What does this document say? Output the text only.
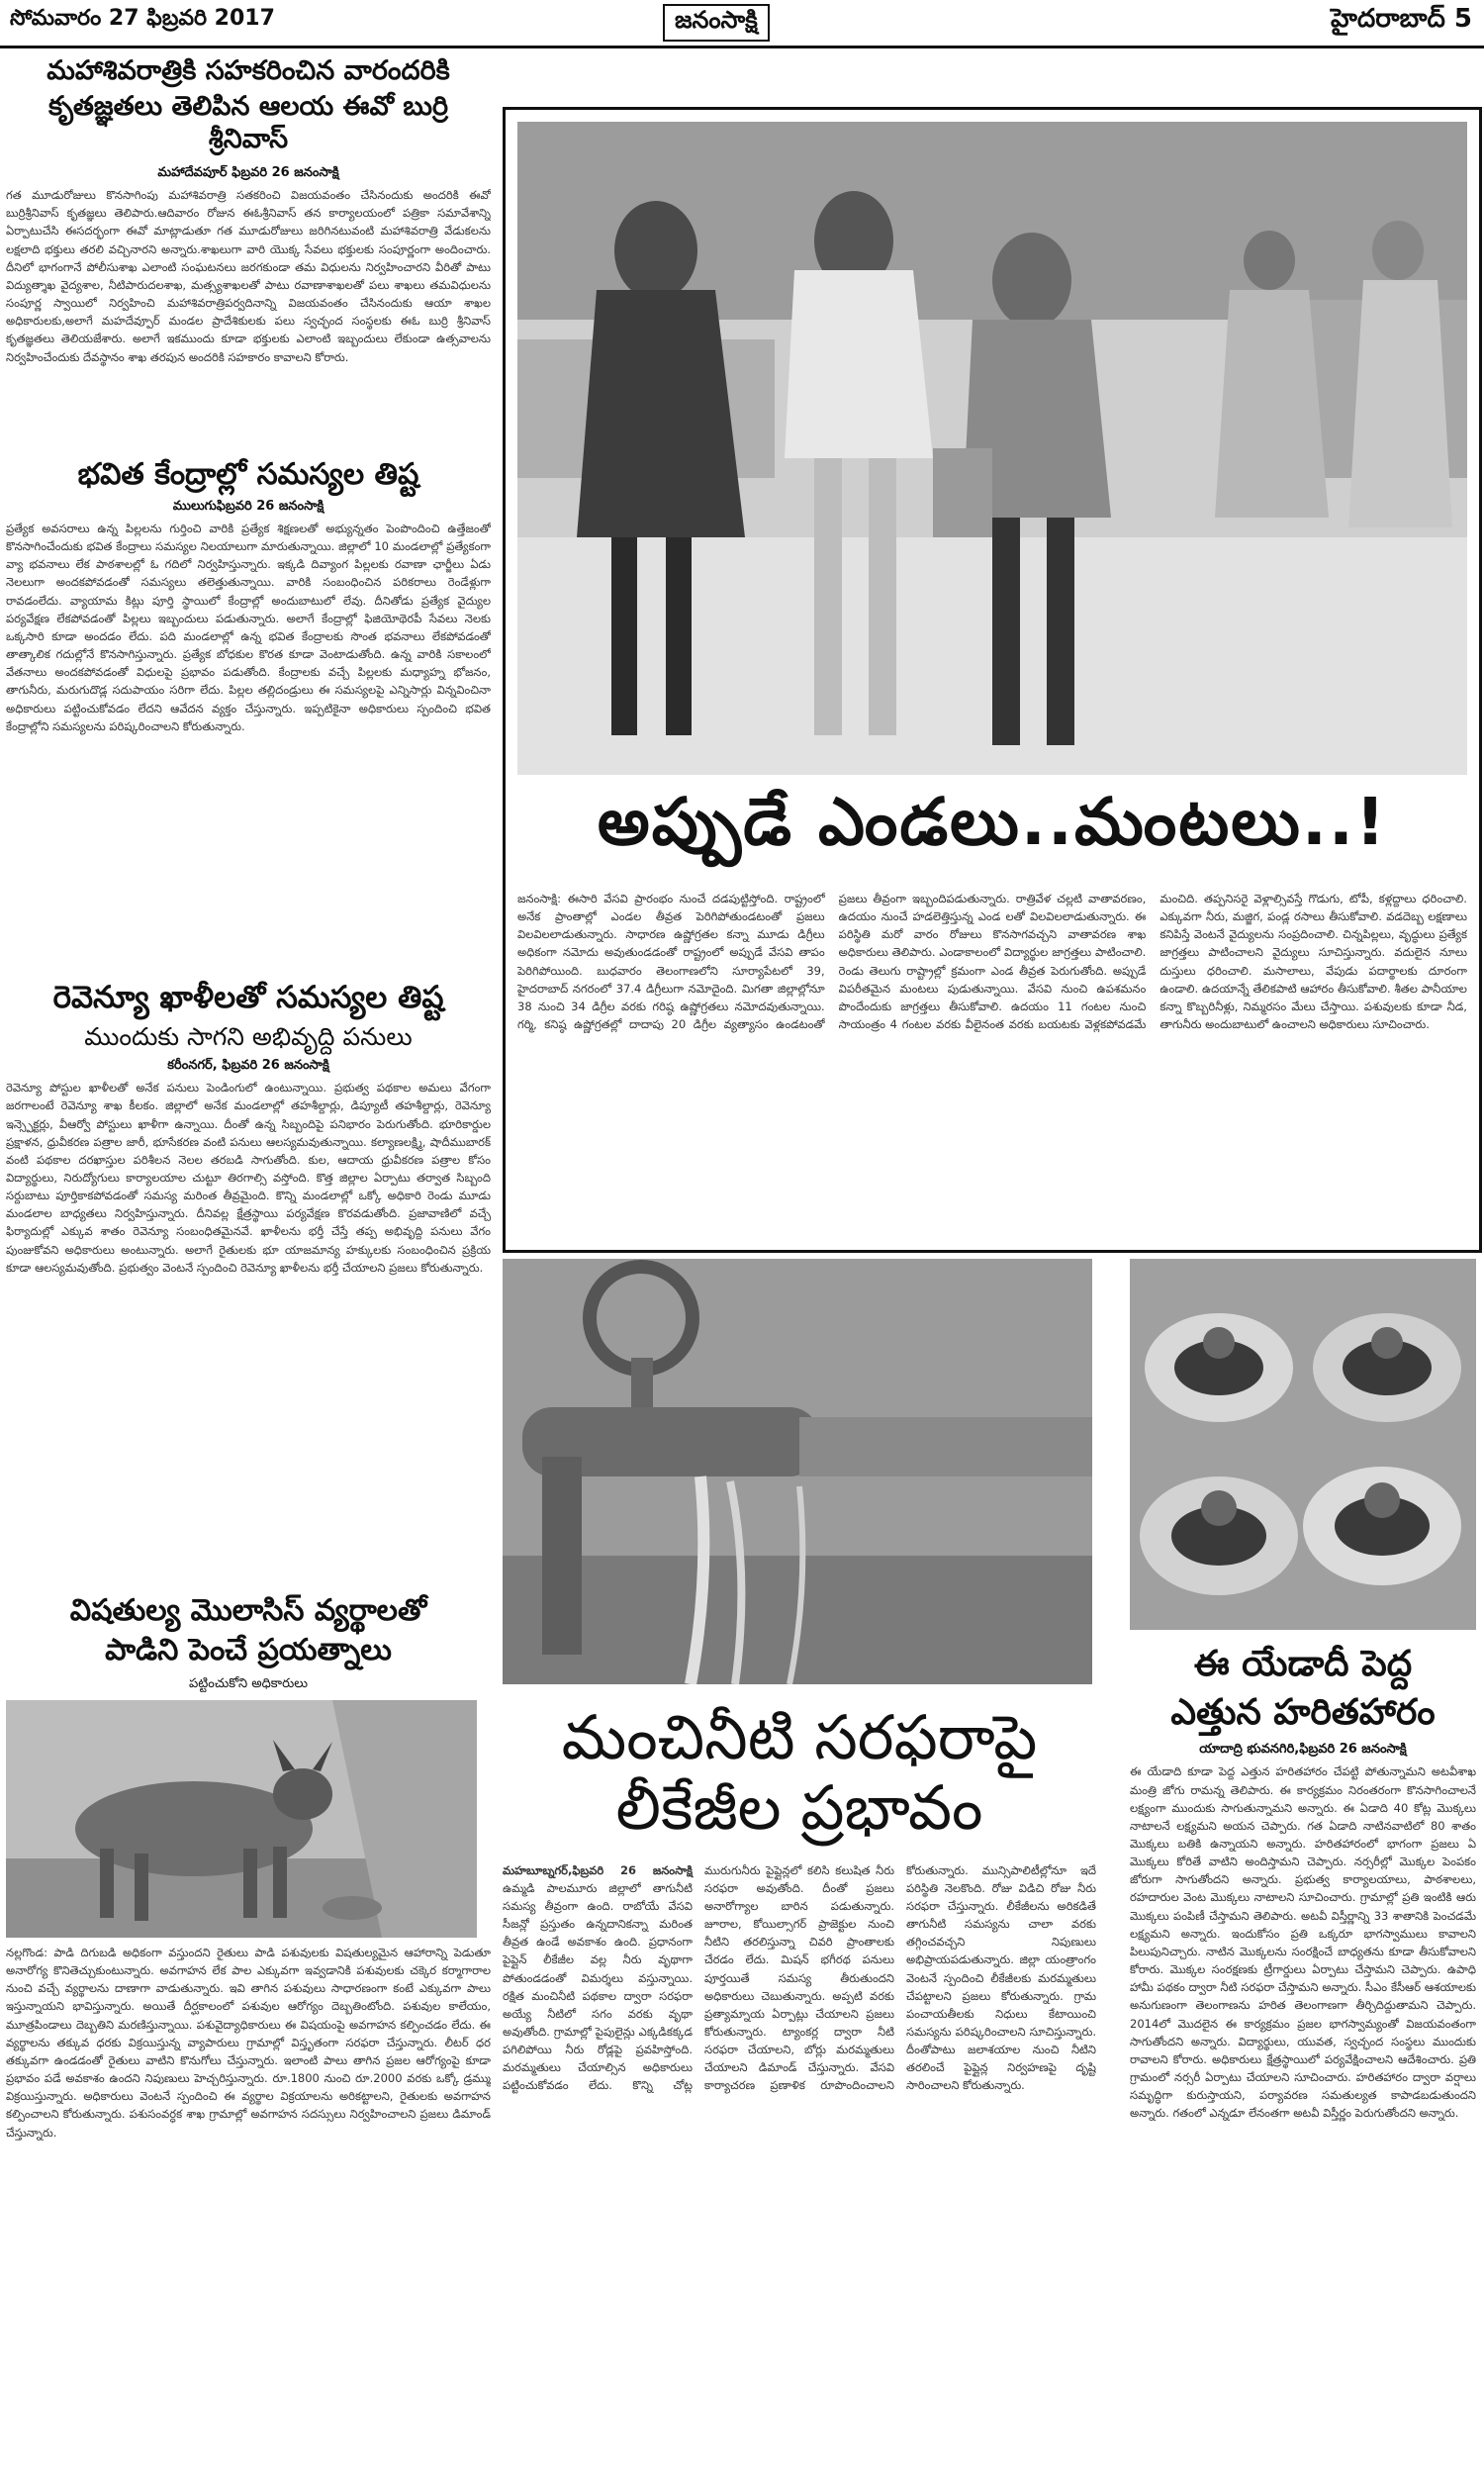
సోమవారం 27 ఫిబ్రవరి 2017	జనంసాక్షి	హైదరాబాద్ 5
మహాశివరాత్రికి సహకరించిన వారందరికి
కృతజ్ఞతలు తెలిపిన ఆలయ ఈవో బుర్రి శ్రీనివాస్
మహాదేవపూర్ ఫిబ్రవరి 26 జనంసాక్షి
గత మూడురోజులు కొనసాగింపు మహాశివరాత్రి సతకరించి విజయవంతం చేసినందుకు అందరికి ఈవో బుర్రిశ్రీనివాస్ కృతజ్ఞలు తెలిపారు.ఆదివారం రోజున ఈఓశ్రీనివాస్ తన కార్యాలయంలో పత్రికా సమావేశాన్ని ఏర్పాటుచేసి ఈసదర్భంగా ఈవో మాట్లాడుతూ గత మూడురోజులు జరిగినటువంటి మహాశివరాత్రి వేడుకలను లక్షలాది భక్తులు తరలి వచ్చినారని అన్నారు.శాఖలుగా వారి యొక్క సేవలు భక్తులకు సంపూర్ణంగా అందించారు. దీనిలో భాగంగానే పోలీసుశాఖ ఎలాంటి సంఘటనలు జరగకుండా తమ విధులను నిర్వహించారని వీరితో పాటు విద్యుత్శాఖ వైద్యశాల, నీటిపారుదలశాఖ, మత్స్యశాఖలతో పాటు రవాణాశాఖలతో పలు శాఖలు తమవిధులను సంపూర్ణ స్వాయిలో నిర్వహించి మహాశివరాత్రిపర్వదినాన్ని విజయవంతం చేసినందుకు ఆయా శాఖల అధికారులకు,అలాగే మహదేవ్పూర్ మండల ప్రాదేశికులకు పలు స్వచ్ఛంద సంస్థలకు ఈఓ బుర్రి శ్రీనివాస్ కృతజ్ఞతలు తెలియజేశారు. అలాగే ఇకముందు కూడా భక్తులకు ఎలాంటి ఇబ్బందులు లేకుండా ఉత్సవాలను నిర్వహించేందుకు దేవస్థానం శాఖ తరపున అందరికి సహకారం కావాలని కోరారు.
భవిత కేంద్రాల్లో సమస్యల తిష్ట
ములుగుఫిబ్రవరి 26 జనంసాక్షి
ప్రత్యేక అవసరాలు ఉన్న పిల్లలను గుర్తించి వారికి ప్రత్యేక శిక్షణలతో అభ్యున్నతం పెంపొందించి ఉత్తేజంతో కొనసాగించేందుకు భవిత కేంద్రాలు సమస్యల నిలయాలుగా మారుతున్నాయి. జిల్లాలో 10 మండలాల్లో ప్రత్యేకంగా వ్యా భవనాలు లేక పాఠశాలల్లో ఓ గదిలో నిర్వహిస్తున్నారు. ఇక్కడి దివ్యాంగ పిల్లలకు రవాణా ఛార్జీలు ఏడు నెలలుగా అందకపోవడంతో సమస్యలు తలెత్తుతున్నాయి. వారికి సంబంధించిన పరికరాలు రెండేళ్లుగా రావడంలేదు. వ్యాయామ కిట్లు పూర్తి స్థాయిలో కేంద్రాల్లో అందుబాటులో లేవు. దీనితోడు ప్రత్యేక వైద్యుల పర్యవేక్షణ లేకపోవడంతో పిల్లలు ఇబ్బందులు పడుతున్నారు. అలాగే కేంద్రాల్లో ఫిజియోథెరపీ సేవలు నెలకు ఒక్కసారి కూడా అందడం లేదు. పది మండలాల్లో ఉన్న భవిత కేంద్రాలకు సొంత భవనాలు లేకపోవడంతో తాత్కాలిక గదుల్లోనే కొనసాగిస్తున్నారు. ప్రత్యేక బోధకుల కొరత కూడా వెంటాడుతోంది. ఉన్న వారికి సకాలంలో వేతనాలు అందకపోవడంతో విధులపై ప్రభావం పడుతోంది. కేంద్రాలకు వచ్చే పిల్లలకు మధ్యాహ్న భోజనం, తాగునీరు, మరుగుదొడ్ల సదుపాయం సరిగా లేదు. పిల్లల తల్లిదండ్రులు ఈ సమస్యలపై ఎన్నిసార్లు విన్నవించినా అధికారులు పట్టించుకోవడం లేదని ఆవేదన వ్యక్తం చేస్తున్నారు. ఇప్పటికైనా అధికారులు స్పందించి భవిత కేంద్రాల్లోని సమస్యలను పరిష్కరించాలని కోరుతున్నారు.
రెవెన్యూ ఖాళీలతో సమస్యల తిష్ట
ముందుకు సాగని అభివృద్ది పనులు
కరీంనగర్, ఫిబ్రవరి 26 జనంసాక్షి
రెవెన్యూ పోస్టుల ఖాళీలతో అనేక పనులు పెండింగులో ఉంటున్నాయి. ప్రభుత్వ పథకాల అమలు వేగంగా జరగాలంటే రెవెన్యూ శాఖ కీలకం. జిల్లాలో అనేక మండలాల్లో తహశీల్దార్లు, డిప్యూటీ తహశీల్దార్లు, రెవెన్యూ ఇన్స్పెక్టర్లు, వీఆర్వో పోస్టులు ఖాళీగా ఉన్నాయి. దీంతో ఉన్న సిబ్బందిపై పనిభారం పెరుగుతోంది. భూరికార్డుల ప్రక్షాళన, ధ్రువీకరణ పత్రాల జారీ, భూసేకరణ వంటి పనులు ఆలస్యమవుతున్నాయి. కల్యాణలక్ష్మి, షాదీముబారక్ వంటి పథకాల దరఖాస్తుల పరిశీలన నెలల తరబడి సాగుతోంది. కుల, ఆదాయ ధ్రువీకరణ పత్రాల కోసం విద్యార్థులు, నిరుద్యోగులు కార్యాలయాల చుట్టూ తిరగాల్సి వస్తోంది. కొత్త జిల్లాల ఏర్పాటు తర్వాత సిబ్బంది సర్దుబాటు పూర్తికాకపోవడంతో సమస్య మరింత తీవ్రమైంది. కొన్ని మండలాల్లో ఒక్కో అధికారి రెండు మూడు మండలాల బాధ్యతలు నిర్వహిస్తున్నారు. దీనివల్ల క్షేత్రస్థాయి పర్యవేక్షణ కొరవడుతోంది. ప్రజావాణిలో వచ్చే ఫిర్యాదుల్లో ఎక్కువ శాతం రెవెన్యూ సంబంధితమైనవే. ఖాళీలను భర్తీ చేస్తే తప్ప అభివృద్ది పనులు వేగం పుంజుకోవని అధికారులు అంటున్నారు. అలాగే రైతులకు భూ యాజమాన్య హక్కులకు సంబంధించిన ప్రక్రియ కూడా ఆలస్యమవుతోంది. ప్రభుత్వం వెంటనే స్పందించి రెవెన్యూ ఖాళీలను భర్తీ చేయాలని ప్రజలు కోరుతున్నారు.
విషతుల్య మొలాసిస్ వ్యర్థాలతో
పాడిని పెంచే ప్రయత్నాలు
పట్టించుకోని అధికారులు
నల్లగొండ: పాడి దిగుబడి అధికంగా వస్తుందని రైతులు పాడి పశువులకు విషతుల్యమైన ఆహారాన్ని పెడుతూ అనారోగ్య కొనితెచ్చుకుంటున్నారు. అవగాహన లేక పాల ఎక్కువగా ఇవ్వడానికి పశువులకు చక్కెర కర్మాగారాల నుంచి వచ్చే వ్యర్థాలను దాణాగా వాడుతున్నారు. ఇవి తాగిన పశువులు సాధారణంగా కంటే ఎక్కువగా పాలు ఇస్తున్నాయని భావిస్తున్నారు. అయితే దీర్ఘకాలంలో పశువుల ఆరోగ్యం దెబ్బతింటోంది. పశువుల కాలేయం, మూత్రపిండాలు దెబ్బతిని మరణిస్తున్నాయి. పశువైద్యాధికారులు ఈ విషయంపై అవగాహన కల్పించడం లేదు. ఈ వ్యర్థాలను తక్కువ ధరకు విక్రయిస్తున్న వ్యాపారులు గ్రామాల్లో విస్తృతంగా సరఫరా చేస్తున్నారు. లీటర్ ధర తక్కువగా ఉండడంతో రైతులు వాటిని కొనుగోలు చేస్తున్నారు. ఇలాంటి పాలు తాగిన ప్రజల ఆరోగ్యంపై కూడా ప్రభావం పడే అవకాశం ఉందని నిపుణులు హెచ్చరిస్తున్నారు. రూ.1800 నుంచి రూ.2000 వరకు ఒక్కో డ్రమ్ము విక్రయిస్తున్నారు. అధికారులు వెంటనే స్పందించి ఈ వ్యర్థాల విక్రయాలను అరికట్టాలని, రైతులకు అవగాహన కల్పించాలని కోరుతున్నారు. పశుసంవర్ధక శాఖ గ్రామాల్లో అవగాహన సదస్సులు నిర్వహించాలని ప్రజలు డిమాండ్ చేస్తున్నారు.
అప్పుడే ఎండలు..మంటలు..!
జనంసాక్షి: ఈసారి వేసవి ప్రారంభం నుంచే దడపుట్టిస్తోంది. రాష్ట్రంలో అనేక ప్రాంతాల్లో ఎండల తీవ్రత పెరిగిపోతుండటంతో ప్రజలు విలవిలలాడుతున్నారు. సాధారణ ఉష్ణోగ్రతల కన్నా మూడు డిగ్రీలు అధికంగా నమోదు అవుతుండడంతో రాష్ట్రంలో అప్పుడే వేసవి తాపం పెరిగిపోయింది. బుధవారం తెలంగాణలోని సూర్యాపేటలో 39, హైదరాబాద్ నగరంలో 37.4 డిగ్రీలుగా నమోదైంది. మిగతా జిల్లాల్లోనూ 38 నుంచి 34 డిగ్రీల వరకు గరిష్ఠ ఉష్ణోగ్రతలు నమోదవుతున్నాయి. గర్మి, కనిష్ఠ ఉష్ణోగ్రతల్లో దాదాపు 20 డిగ్రీల వ్యత్యాసం ఉండటంతో ప్రజలు తీవ్రంగా ఇబ్బందిపడుతున్నారు. రాత్రివేళ చల్లటి వాతావరణం, ఉదయం నుంచే హడలెత్తిస్తున్న ఎండ లతో విలవిలలాడుతున్నారు. ఈ పరిస్థితి మరో వారం రోజులు కొనసాగవచ్చని వాతావరణ శాఖ అధికారులు తెలిపారు. ఎండాకాలంలో విద్యార్థుల జాగ్రత్తలు పాటించాలి. రెండు తెలుగు రాష్ట్రాల్లో క్రమంగా ఎండ తీవ్రత పెరుగుతోంది. అప్పుడే విపరీతమైన మంటలు పుడుతున్నాయి. వేసవి నుంచి ఉపశమనం పొందేందుకు జాగ్రత్తలు తీసుకోవాలి. ఉదయం 11 గంటల నుంచి సాయంత్రం 4 గంటల వరకు వీలైనంత వరకు బయటకు వెళ్లకపోవడమే మంచిది. తప్పనిసరై వెళ్లాల్సివస్తే గొడుగు, టోపీ, కళ్లద్దాలు ధరించాలి. ఎక్కువగా నీరు, మజ్జిగ, పండ్ల రసాలు తీసుకోవాలి. వడదెబ్బ లక్షణాలు కనిపిస్తే వెంటనే వైద్యులను సంప్రదించాలి. చిన్నపిల్లలు, వృద్ధులు ప్రత్యేక జాగ్రత్తలు పాటించాలని వైద్యులు సూచిస్తున్నారు. వదులైన నూలు దుస్తులు ధరించాలి. మసాలాలు, వేపుడు పదార్థాలకు దూరంగా ఉండాలి. ఉదయాన్నే తేలికపాటి ఆహారం తీసుకోవాలి. శీతల పానీయాల కన్నా కొబ్బరినీళ్లు, నిమ్మరసం మేలు చేస్తాయి. పశువులకు కూడా నీడ, తాగునీరు అందుబాటులో ఉంచాలని అధికారులు సూచించారు.
మంచినీటి సరఫరాపై
లీకేజీల ప్రభావం
మహబూబ్నగర్,ఫిబ్రవరి 26 జనంసాక్షి ఉమ్మడి పాలమూరు జిల్లాలో తాగునీటి సమస్య తీవ్రంగా ఉంది. రాబోయే వేసవి సీజన్లో ప్రస్తుతం ఉన్నదానికన్నా మరింత తీవ్రత ఉండే అవకాశం ఉంది. ప్రధానంగా పైప్లైన్ లీకేజీల వల్ల నీరు వృథాగా పోతుండడంతో విమర్శలు వస్తున్నాయి. రక్షిత మంచినీటి పథకాల ద్వారా సరఫరా అయ్యే నీటిలో సగం వరకు వృథా అవుతోంది. గ్రామాల్లో పైపులైన్లు ఎక్కడికక్కడ పగిలిపోయి నీరు రోడ్లపై ప్రవహిస్తోంది. మరమ్మతులు చేయాల్సిన అధికారులు పట్టించుకోవడం లేదు. కొన్ని చోట్ల మురుగునీరు పైప్లైన్లలో కలిసి కలుషిత నీరు సరఫరా అవుతోంది. దీంతో ప్రజలు అనారోగ్యాల బారిన పడుతున్నారు. జూరాల, కోయిల్సాగర్ ప్రాజెక్టుల నుంచి నీటిని తరలిస్తున్నా చివరి ప్రాంతాలకు చేరడం లేదు. మిషన్ భగీరథ పనులు పూర్తయితే సమస్య తీరుతుందని అధికారులు చెబుతున్నారు. అప్పటి వరకు ప్రత్యామ్నాయ ఏర్పాట్లు చేయాలని ప్రజలు కోరుతున్నారు. ట్యాంకర్ల ద్వారా నీటి సరఫరా చేయాలని, బోర్లు మరమ్మతులు చేయాలని డిమాండ్ చేస్తున్నారు. వేసవి కార్యాచరణ ప్రణాళిక రూపొందించాలని కోరుతున్నారు. మున్సిపాలిటీల్లోనూ ఇదే పరిస్థితి నెలకొంది. రోజు విడిచి రోజు నీరు సరఫరా చేస్తున్నారు. లీకేజీలను అరికడితే తాగునీటి సమస్యను చాలా వరకు తగ్గించవచ్చని నిపుణులు అభిప్రాయపడుతున్నారు. జిల్లా యంత్రాంగం వెంటనే స్పందించి లీకేజీలకు మరమ్మతులు చేపట్టాలని ప్రజలు కోరుతున్నారు. గ్రామ పంచాయతీలకు నిధులు కేటాయించి సమస్యను పరిష్కరించాలని సూచిస్తున్నారు. దీంతోపాటు జలాశయాల నుంచి నీటిని తరలించే పైప్లైన్ల నిర్వహణపై దృష్టి సారించాలని కోరుతున్నారు.
ఈ యేడాదీ పెద్ద
ఎత్తున హరితహారం
యాదాద్రి భువనగిరి,ఫిబ్రవరి 26 జనంసాక్షి
ఈ యేడాది కూడా పెద్ద ఎత్తున హరితహారం చేపట్టి పోతున్నామని అటవీశాఖ మంత్రి జోగు రామన్న తెలిపారు. ఈ కార్యక్రమం నిరంతరంగా కొనసాగించాలనే లక్ష్యంగా ముందుకు సాగుతున్నామని అన్నారు. ఈ ఏడాది 40 కోట్ల మొక్కలు నాటాలనే లక్ష్యమని అయన చెప్పారు. గత ఏడాది నాటినవాటిలో 80 శాతం మొక్కలు బతికి ఉన్నాయని అన్నారు. హరితహారంలో భాగంగా ప్రజలు ఏ మొక్కలు కోరితే వాటిని అందిస్తామని చెప్పారు. నర్సరీల్లో మొక్కల పెంపకం జోరుగా సాగుతోందని అన్నారు. ప్రభుత్వ కార్యాలయాలు, పాఠశాలలు, రహదారుల వెంట మొక్కలు నాటాలని సూచించారు. గ్రామాల్లో ప్రతి ఇంటికి ఆరు మొక్కలు పంపిణీ చేస్తామని తెలిపారు. అటవీ విస్తీర్ణాన్ని 33 శాతానికి పెంచడమే లక్ష్యమని అన్నారు. ఇందుకోసం ప్రతి ఒక్కరూ భాగస్వాములు కావాలని పిలుపునిచ్చారు. నాటిన మొక్కలను సంరక్షించే బాధ్యతను కూడా తీసుకోవాలని కోరారు. మొక్కల సంరక్షణకు ట్రీగార్డులు ఏర్పాటు చేస్తామని చెప్పారు. ఉపాధి హామీ పథకం ద్వారా నీటి సరఫరా చేస్తామని అన్నారు. సీఎం కేసీఆర్ ఆశయాలకు అనుగుణంగా తెలంగాణను హరిత తెలంగాణగా తీర్చిదిద్దుతామని చెప్పారు. 2014లో మొదలైన ఈ కార్యక్రమం ప్రజల భాగస్వామ్యంతో విజయవంతంగా సాగుతోందని అన్నారు. విద్యార్థులు, యువత, స్వచ్ఛంద సంస్థలు ముందుకు రావాలని కోరారు. అధికారులు క్షేత్రస్థాయిలో పర్యవేక్షించాలని ఆదేశించారు. ప్రతి గ్రామంలో నర్సరీ ఏర్పాటు చేయాలని సూచించారు. హరితహారం ద్వారా వర్షాలు సమృద్ధిగా కురుస్తాయని, పర్యావరణ సమతుల్యత కాపాడబడుతుందని అన్నారు. గతంలో ఎన్నడూ లేనంతగా అటవీ విస్తీర్ణం పెరుగుతోందని అన్నారు.
